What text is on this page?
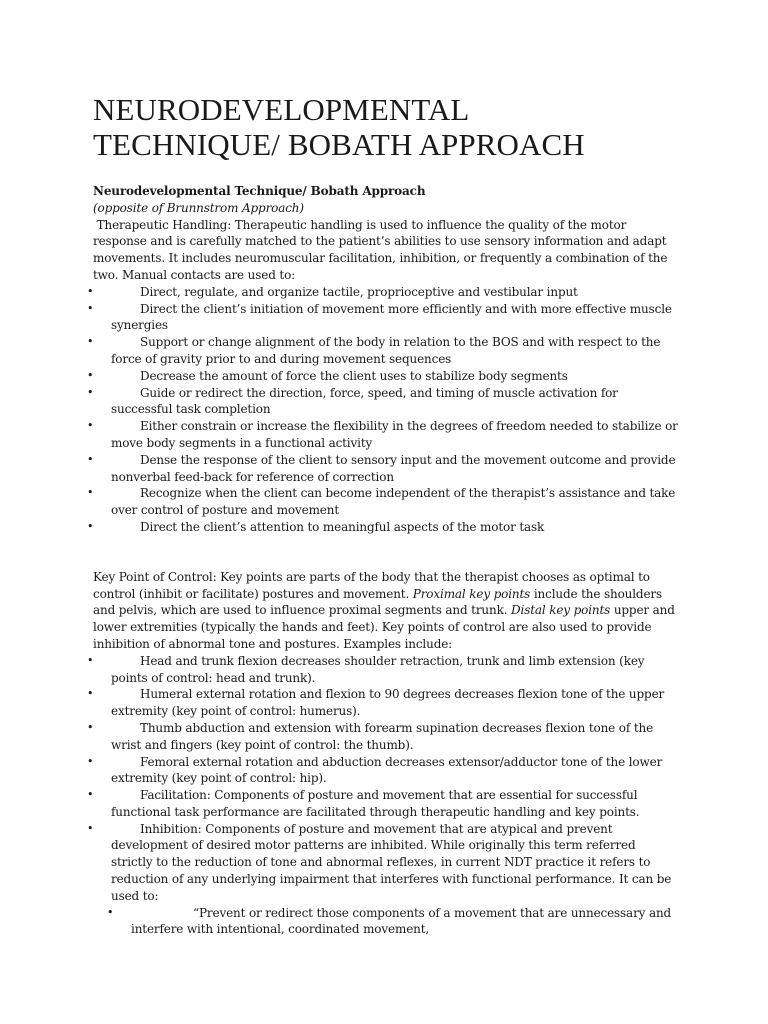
NEURODEVELOPMENTAL
TECHNIQUE/ BOBATH APPROACH
Neurodevelopmental Technique/ Bobath Approach
(opposite of Brunnstrom Approach)
Therapeutic Handling: Therapeutic handling is used to influence the quality of the motor response and is carefully matched to the patient’s abilities to use sensory information and adapt movements. It includes neuromuscular facilitation, inhibition, or frequently a combination of the two. Manual contacts are used to:
• Direct, regulate, and organize tactile, proprioceptive and vestibular input
• Direct the client’s initiation of movement more efficiently and with more effective muscle synergies
• Support or change alignment of the body in relation to the BOS and with respect to the force of gravity prior to and during movement sequences
• Decrease the amount of force the client uses to stabilize body segments
• Guide or redirect the direction, force, speed, and timing of muscle activation for successful task completion
• Either constrain or increase the flexibility in the degrees of freedom needed to stabilize or move body segments in a functional activity
• Dense the response of the client to sensory input and the movement outcome and provide nonverbal feed-back for reference of correction
• Recognize when the client can become independent of the therapist’s assistance and take over control of posture and movement
• Direct the client’s attention to meaningful aspects of the motor task
Key Point of Control: Key points are parts of the body that the therapist chooses as optimal to control (inhibit or facilitate) postures and movement. Proximal key points include the shoulders and pelvis, which are used to influence proximal segments and trunk. Distal key points upper and lower extremities (typically the hands and feet). Key points of control are also used to provide inhibition of abnormal tone and postures. Examples include:
• Head and trunk flexion decreases shoulder retraction, trunk and limb extension (key points of control: head and trunk).
• Humeral external rotation and flexion to 90 degrees decreases flexion tone of the upper extremity (key point of control: humerus).
• Thumb abduction and extension with forearm supination decreases flexion tone of the wrist and fingers (key point of control: the thumb).
• Femoral external rotation and abduction decreases extensor/adductor tone of the lower extremity (key point of control: hip).
• Facilitation: Components of posture and movement that are essential for successful functional task performance are facilitated through therapeutic handling and key points.
• Inhibition: Components of posture and movement that are atypical and prevent development of desired motor patterns are inhibited. While originally this term referred strictly to the reduction of tone and abnormal reflexes, in current NDT practice it refers to reduction of any underlying impairment that interferes with functional performance. It can be used to:
• “Prevent or redirect those components of a movement that are unnecessary and interfere with intentional, coordinated movement,
